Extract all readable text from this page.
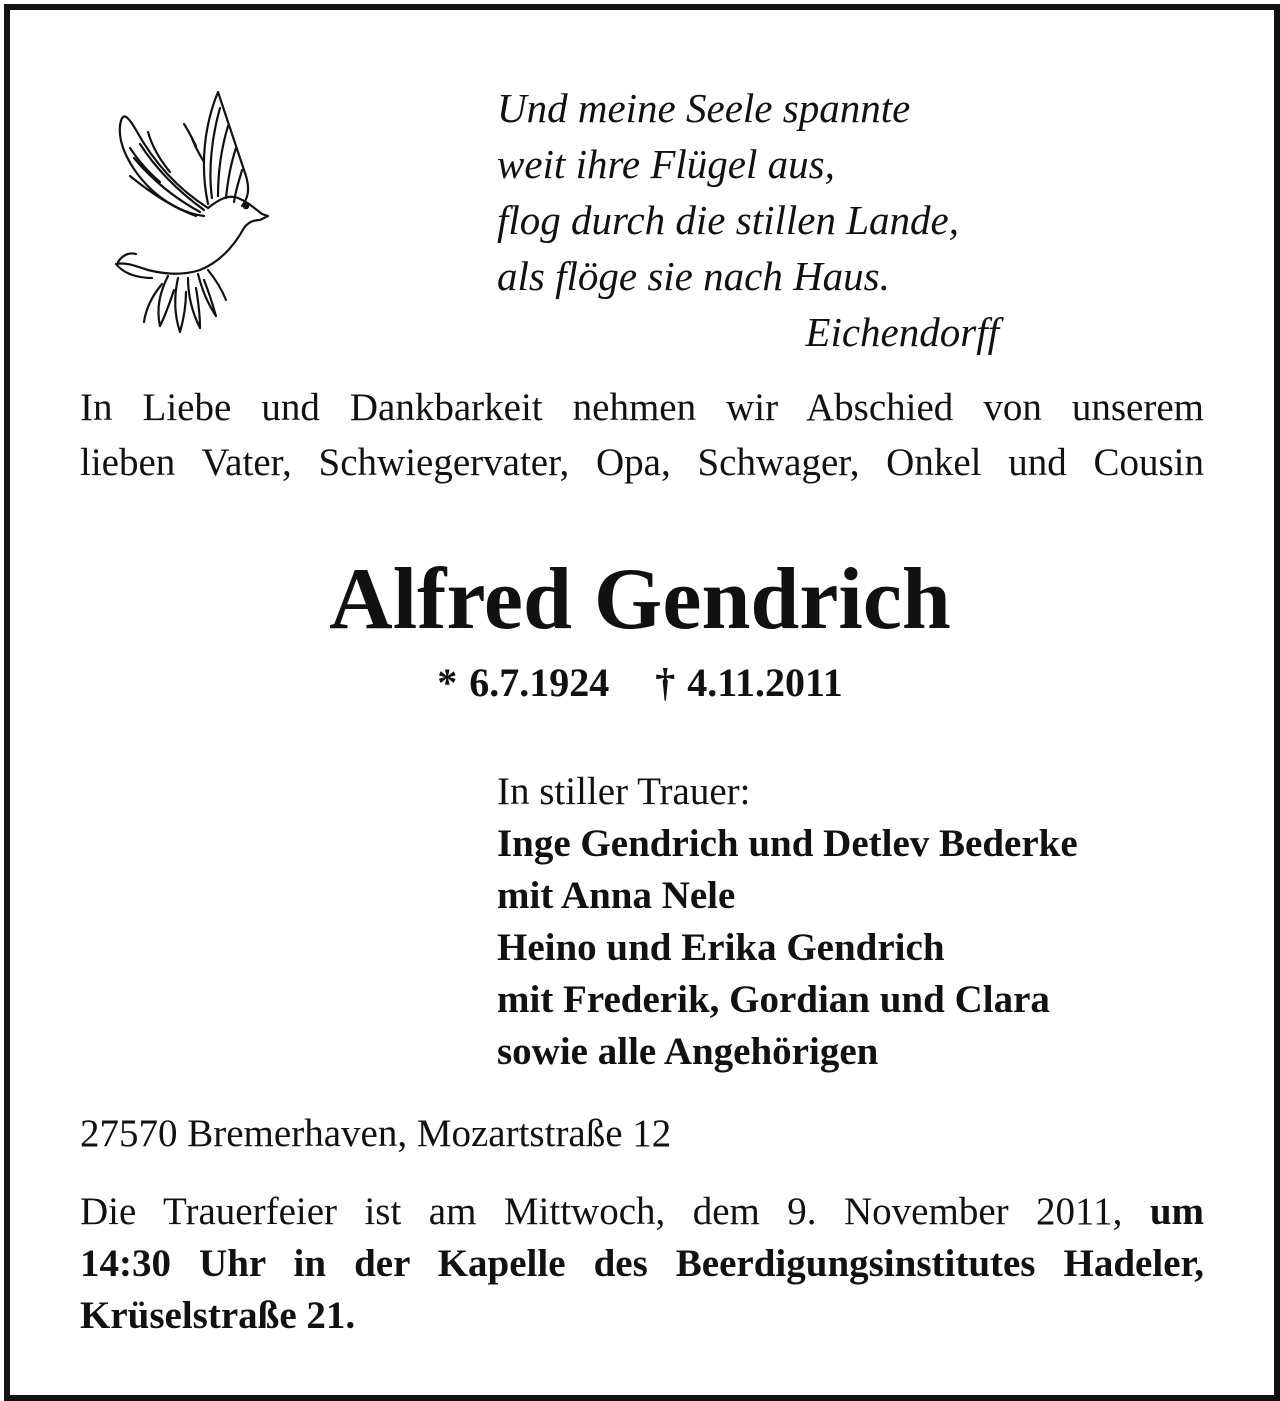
Und meine Seele spannte
weit ihre Flügel aus,
flog durch die stillen Lande,
als flöge sie nach Haus.
Eichendorff
In Liebe und Dankbarkeit nehmen wir Abschied von unserem
lieben Vater, Schwiegervater, Opa, Schwager, Onkel und Cousin
Alfred Gendrich
* 6.7.1924 † 4.11.2011
In stiller Trauer:
Inge Gendrich und Detlev Bederke
mit Anna Nele
Heino und Erika Gendrich
mit Frederik, Gordian und Clara
sowie alle Angehörigen
27570 Bremerhaven, Mozartstraße 12
Die Trauerfeier ist am Mittwoch, dem 9. November 2011, um
14:30 Uhr in der Kapelle des Beerdigungsinstitutes Hadeler,
Krüselstraße 21.
